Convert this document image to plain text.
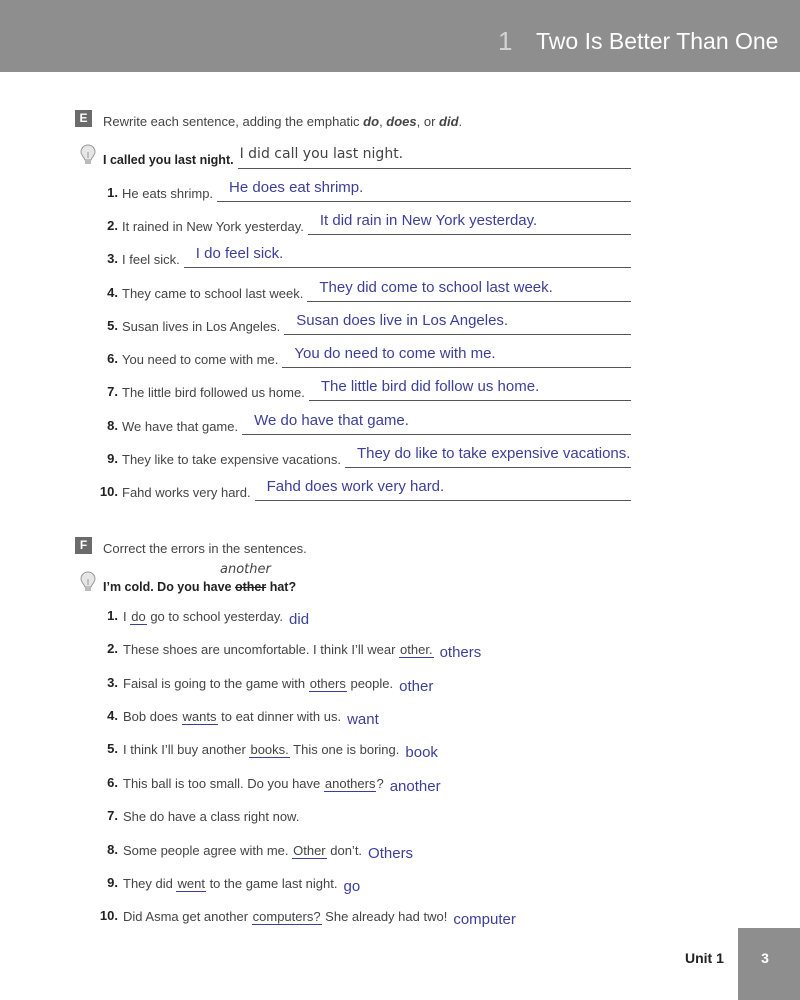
1 Two Is Better Than One
E	Rewrite each sentence, adding the emphatic do, does, or did.
I called you last night. I did call you last night.
1. He eats shrimp. He does eat shrimp.
2. It rained in New York yesterday. It did rain in New York yesterday.
3. I feel sick. I do feel sick.
4. They came to school last week. They did come to school last week.
5. Susan lives in Los Angeles. Susan does live in Los Angeles.
6. You need to come with me. You do need to come with me.
7. The little bird followed us home. The little bird did follow us home.
8. We have that game. We do have that game.
9. They like to take expensive vacations. They do like to take expensive vacations.
10. Fahd works very hard. Fahd does work very hard.
F	Correct the errors in the sentences.
another
I’m cold. Do you have other hat?
1. I do go to school yesterday. did
2. These shoes are uncomfortable. I think I’ll wear other. others
3. Faisal is going to the game with others people. other
4. Bob does wants to eat dinner with us. want
5. I think I’ll buy another books. This one is boring. book
6. This ball is too small. Do you have anothers? another
7. She do have a class right now.
8. Some people agree with me. Other don’t. Others
9. They did went to the game last night. go
10. Did Asma get another computers? She already had two! computer
Unit 1	3
